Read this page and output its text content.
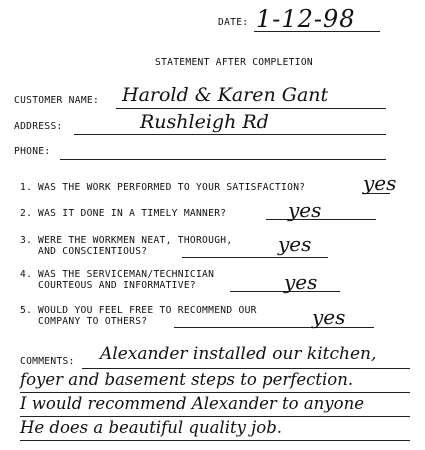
DATE: 1-12-98
STATEMENT AFTER COMPLETION
CUSTOMER NAME: Harold & Karen Gant
ADDRESS:	Rushleigh Rd
PHONE:
1. WAS THE WORK PERFORMED TO YOUR SATISFACTION?	yes
2. WAS IT DONE IN A TIMELY MANNER?	yes
3. WERE THE WORKMEN NEAT, THOROUGH,
AND CONSCIENTIOUS?	yes
4. WAS THE SERVICEMAN/TECHNICIAN
COURTEOUS AND INFORMATIVE?	yes
5. WOULD YOU FEEL FREE TO RECOMMEND OUR
COMPANY TO OTHERS?	yes
COMMENTS: Alexander installed our kitchen,
foyer and basement steps to perfection.
I would recommend Alexander to anyone
He does a beautiful quality job.
